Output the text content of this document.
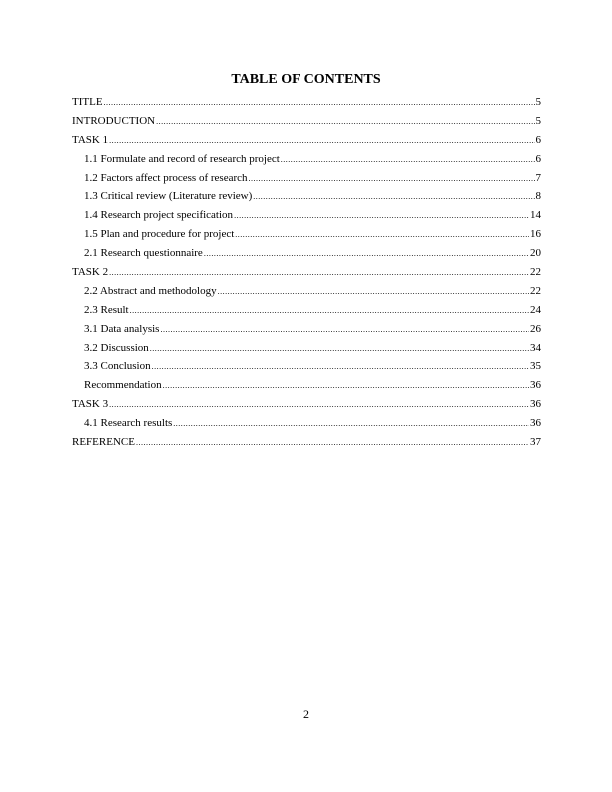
TABLE OF CONTENTS
TITLE .....	5
INTRODUCTION .....	5
TASK 1 .....	6
1.1 Formulate and record of research project .....	6
1.2 Factors affect process of research .....	7
1.3 Critical review (Literature review) .....	8
1.4 Research project specification .....	14
1.5 Plan and procedure for project .....	16
2.1 Research questionnaire .....	20
TASK 2 .....	22
2.2 Abstract and methodology .....	22
2.3 Result .....	24
3.1 Data analysis .....	26
3.2 Discussion .....	34
3.3 Conclusion .....	35
Recommendation .....	36
TASK 3 .....	36
4.1 Research results .....	36
REFERENCE .....	37
2
